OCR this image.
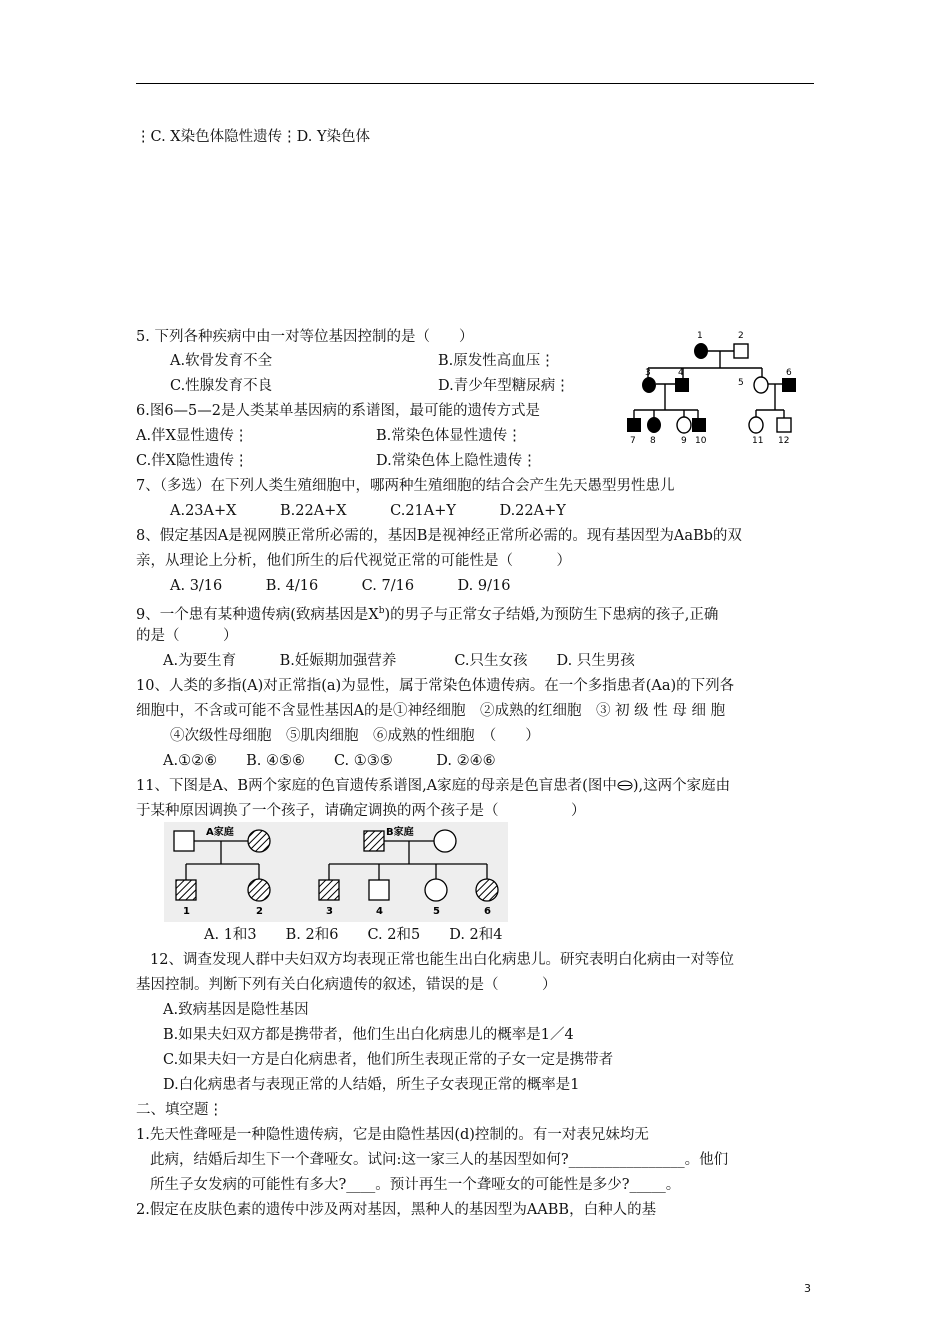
⋮C. X染色体隐性遗传⋮D. Y染色体
5. 下列各种疾病中由一对等位基因控制的是（　　）
A.软骨发育不全	B.原发性高血压⋮
C.性腺发育不良	D.青少年型糖尿病⋮
6.图6—5—2是人类某单基因病的系谱图，最可能的遗传方式是
A.伴X显性遗传⋮	B.常染色体显性遗传⋮
C.伴X隐性遗传⋮	D.常染色体上隐性遗传⋮
1	2
3	4
5
6
7 8	9 10	11 12
7、（多选）在下列人类生殖细胞中，哪两种生殖细胞的结合会产生先天愚型男性患儿
A.23A+X　　　B.22A+X　　　C.21A+Y　　　D.22A+Y
8、假定基因A是视网膜正常所必需的，基因B是视神经正常所必需的。现有基因型为AaBb的双
亲，从理论上分析，他们所生的后代视觉正常的可能性是（　　　）
A. 3/16　　　B. 4/16　　　C. 7/16　　　D. 9/16
9、一个患有某种遗传病(致病基因是$X^b$)的男子与正常女子结婚,为预防生下患病的孩子,正确
的是（　　　）
A.为要生育　　　B.妊娠期加强营养　　　　C.只生女孩　　D. 只生男孩
10、人类的多指(A)对正常指(a)为显性，属于常染色体遗传病。在一个多指患者(Aa)的下列各
细胞中，不含或可能不含显性基因A的是①神经细胞　②成熟的红细胞　③ 初 级 性 母 细 胞
④次级性母细胞　⑤肌肉细胞　⑥成熟的性细胞　（　　）
A.①②⑥　　B. ④⑤⑥　　C. ①③⑤　　　D. ②④⑥
11、下图是A、B两个家庭的色盲遗传系谱图,A家庭的母亲是色盲患者(图中 ),这两个家庭由
于某种原因调换了一个孩子，请确定调换的两个孩子是（　　　　　）
A家庭	B家庭
1	2	3	4	5	6
A. 1和3　　B. 2和6　　C. 2和5　　D. 2和4
12、调查发现人群中夫妇双方均表现正常也能生出白化病患儿。研究表明白化病由一对等位
基因控制。判断下列有关白化病遗传的叙述，错误的是（　　　）
A.致病基因是隐性基因
B.如果夫妇双方都是携带者，他们生出白化病患儿的概率是1／4
C.如果夫妇一方是白化病患者，他们所生表现正常的子女一定是携带者
D.白化病患者与表现正常的人结婚，所生子女表现正常的概率是1
二、填空题⋮
1.先天性聋哑是一种隐性遗传病，它是由隐性基因(d)控制的。有一对表兄妹均无
此病，结婚后却生下一个聋哑女。试问:这一家三人的基因型如何?________________。他们
所生子女发病的可能性有多大?____。预计再生一个聋哑女的可能性是多少?_____。
2.假定在皮肤色素的遗传中涉及两对基因，黑种人的基因型为AABB，白种人的基
3
